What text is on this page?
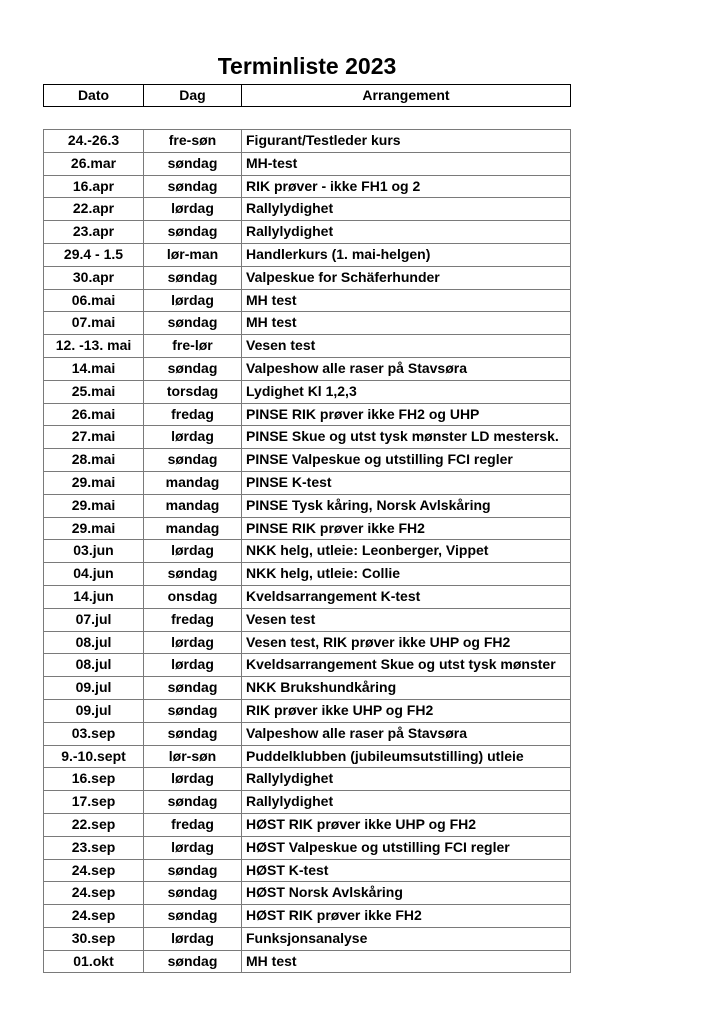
Terminliste 2023
Dato	Dag	Arrangement
24.-26.3	fre-søn	Figurant/Testleder kurs
26.mar	søndag	MH-test
16.apr	søndag	RIK prøver - ikke FH1 og 2
22.apr	lørdag	Rallylydighet
23.apr	søndag	Rallylydighet
29.4 - 1.5	lør-man	Handlerkurs (1. mai-helgen)
30.apr	søndag	Valpeskue for Schäferhunder
06.mai	lørdag	MH test
07.mai	søndag	MH test
12. -13. mai	fre-lør	Vesen test
14.mai	søndag	Valpeshow alle raser på Stavsøra
25.mai	torsdag	Lydighet Kl 1,2,3
26.mai	fredag	PINSE RIK prøver ikke FH2 og UHP
27.mai	lørdag	PINSE Skue og utst tysk mønster LD mestersk.
28.mai	søndag	PINSE Valpeskue og utstilling FCI regler
29.mai	mandag	PINSE K-test
29.mai	mandag	PINSE Tysk kåring, Norsk Avlskåring
29.mai	mandag	PINSE RIK prøver ikke FH2
03.jun	lørdag	NKK helg, utleie: Leonberger, Vippet
04.jun	søndag	NKK helg, utleie: Collie
14.jun	onsdag	Kveldsarrangement K-test
07.jul	fredag	Vesen test
08.jul	lørdag	Vesen test, RIK prøver ikke UHP og FH2
08.jul	lørdag	Kveldsarrangement Skue og utst tysk mønster
09.jul	søndag	NKK Brukshundkåring
09.jul	søndag	RIK prøver ikke UHP og FH2
03.sep	søndag	Valpeshow alle raser på Stavsøra
9.-10.sept	lør-søn	Puddelklubben (jubileumsutstilling) utleie
16.sep	lørdag	Rallylydighet
17.sep	søndag	Rallylydighet
22.sep	fredag	HØST RIK prøver ikke UHP og FH2
23.sep	lørdag	HØST Valpeskue og utstilling FCI regler
24.sep	søndag	HØST K-test
24.sep	søndag	HØST Norsk Avlskåring
24.sep	søndag	HØST RIK prøver ikke FH2
30.sep	lørdag	Funksjonsanalyse
01.okt	søndag	MH test
